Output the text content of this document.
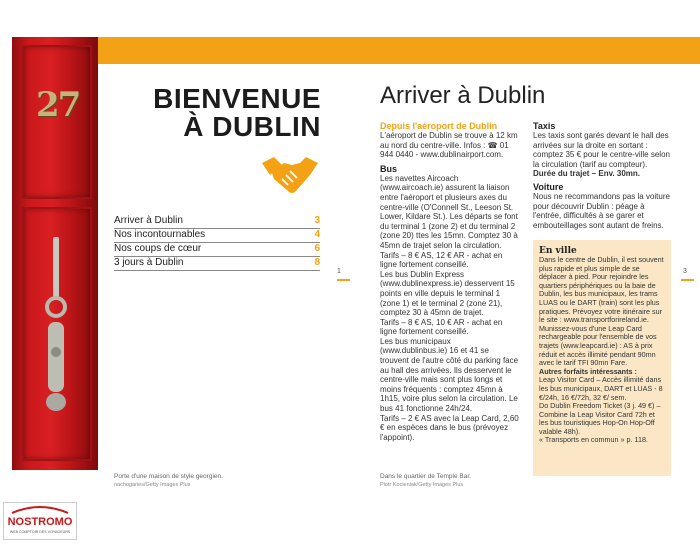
27	BIENVENUE
À DUBLIN
Arriver à Dublin	3
Nos incontournables	4
Nos coups de cœur	6
3 jours à Dublin	8
1
Porte d'une maison de style georgien.
nachogaries/Getty Images Plus
Arriver à Dublin
Depuis l'aéroport de Dublin
L'aéroport de Dublin se trouve à 12 km au nord du centre-ville. Infos : ☎ 01 944 0440 - www.dublinairport.com.
Bus
Les navettes Aircoach (www.aircoach.ie) assurent la liaison entre l'aéroport et plusieurs axes du centre-ville (O'Connell St., Leeson St. Lower, Kildare St.). Les départs se font du terminal 1 (zone 2) et du terminal 2 (zone 20) ttes les 15mn. Comptez 30 à 45mn de trajet selon la circulation.
Tarifs – 8 € AS, 12 € AR - achat en ligne fortement conseillé.
Les bus Dublin Express (www.dublinexpress.ie) desservent 15 points en ville depuis le terminal 1 (zone 1) et le terminal 2 (zone 21), comptez 30 à 45mn de trajet.
Tarifs – 8 € AS, 10 € AR - achat en ligne fortement conseillé.
Les bus municipaux (www.dublinbus.ie) 16 et 41 se trouvent de l'autre côté du parking face au hall des arrivées. Ils desservent le centre-ville mais sont plus longs et moins fréquents : comptez 45mn à 1h15, voire plus selon la circulation. Le bus 41 fonctionne 24h/24.
Tarifs – 2 € AS avec la Leap Card, 2,60 € en espèces dans le bus (prévoyez l'appoint).
Taxis
Les taxis sont garés devant le hall des arrivées sur la droite en sortant : comptez 35 € pour le centre-ville selon la circulation (tarif au compteur).
Durée du trajet – Env. 30mn.
Voiture
Nous ne recommandons pas la voiture pour découvrir Dublin : péage à l'entrée, difficultés à se garer et embouteillages sont autant de freins.
En ville
Dans le centre de Dublin, il est souvent plus rapide et plus simple de se déplacer à pied. Pour rejoindre les quartiers périphériques ou la baie de Dublin, les bus municipaux, les trams LUAS ou le DART (train) sont les plus pratiques. Prévoyez votre itinéraire sur le site : www.transportforireland.ie.
Munissez-vous d'une Leap Card rechargeable pour l'ensemble de vos trajets (www.leapcard.ie) : AS à prix réduit et accès illimité pendant 90mn avec le tarif TFI 90mn Fare.
Autres forfaits intéressants :
Leap Visitor Card – Accès illimité dans les bus municipaux, DART et LUAS - 8 €/24h, 16 €/72h, 32 €/ sem.
Do Dublin Freedom Ticket (3 j. 49 €) – Combine la Leap Visitor Card 72h et les bus touristiques Hop-On Hop-Off valable 48h).
« Transports en commun » p. 118.
3
Dans le quartier de Temple Bar.
Piotr Kocieniak/Getty Images Plus
NOSTROMO
WEB COMPTOIR DES VOYAGEURS
